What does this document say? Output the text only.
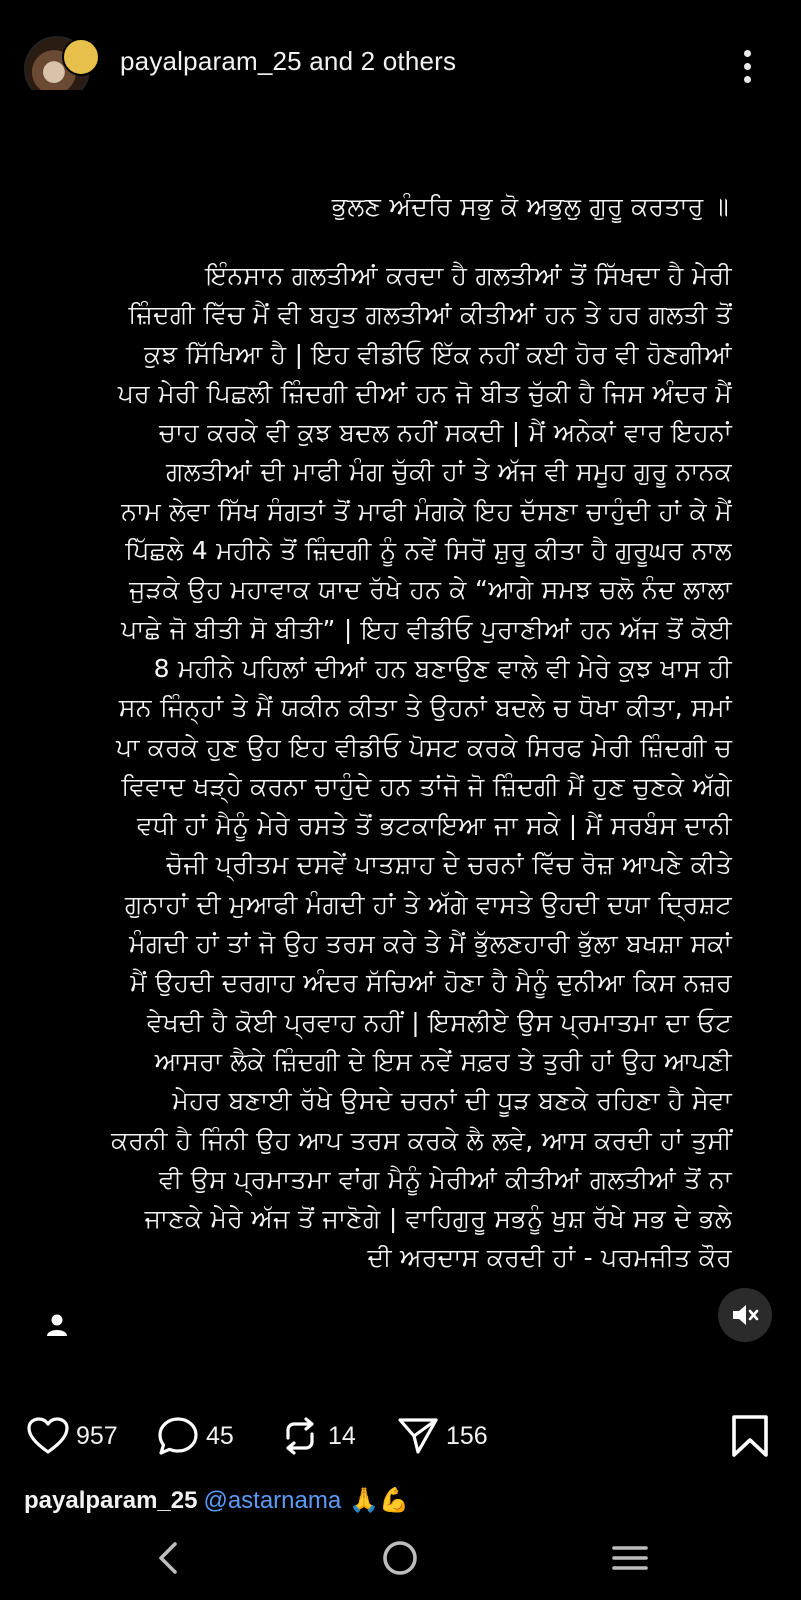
payalparam_25 and 2 others
ਭੁਲਣ ਅੰਦਰਿ ਸਭੁ ਕੋ ਅਭੁਲੁ ਗੁਰੂ ਕਰਤਾਰੁ ॥
ਇੰਨਸਾਨ ਗਲਤੀਆਂ ਕਰਦਾ ਹੈ ਗਲਤੀਆਂ ਤੋਂ ਸਿੱਖਦਾ ਹੈ ਮੇਰੀ
ਜ਼ਿੰਦਗੀ ਵਿੱਚ ਮੈਂ ਵੀ ਬਹੁਤ ਗਲਤੀਆਂ ਕੀਤੀਆਂ ਹਨ ਤੇ ਹਰ ਗਲਤੀ ਤੋਂ
ਕੁਝ ਸਿੱਖਿਆ ਹੈ | ਇਹ ਵੀਡੀਓ ਇੱਕ ਨਹੀਂ ਕਈ ਹੋਰ ਵੀ ਹੋਣਗੀਆਂ
ਪਰ ਮੇਰੀ ਪਿਛਲੀ ਜ਼ਿੰਦਗੀ ਦੀਆਂ ਹਨ ਜੋ ਬੀਤ ਚੁੱਕੀ ਹੈ ਜਿਸ ਅੰਦਰ ਮੈਂ
ਚਾਹ ਕਰਕੇ ਵੀ ਕੁਝ ਬਦਲ ਨਹੀਂ ਸਕਦੀ | ਮੈਂ ਅਨੇਕਾਂ ਵਾਰ ਇਹਨਾਂ
ਗਲਤੀਆਂ ਦੀ ਮਾਫੀ ਮੰਗ ਚੁੱਕੀ ਹਾਂ ਤੇ ਅੱਜ ਵੀ ਸਮੂਹ ਗੁਰੂ ਨਾਨਕ
ਨਾਮ ਲੇਵਾ ਸਿੱਖ ਸੰਗਤਾਂ ਤੋਂ ਮਾਫੀ ਮੰਗਕੇ ਇਹ ਦੱਸਣਾ ਚਾਹੁੰਦੀ ਹਾਂ ਕੇ ਮੈਂ
ਪਿੱਛਲੇ 4 ਮਹੀਨੇ ਤੋਂ ਜ਼ਿੰਦਗੀ ਨੂੰ ਨਵੇਂ ਸਿਰੋਂ ਸ਼ੁਰੂ ਕੀਤਾ ਹੈ ਗੁਰੂਘਰ ਨਾਲ
ਜੁੜਕੇ ਉਹ ਮਹਾਵਾਕ ਯਾਦ ਰੱਖੇ ਹਨ ਕੇ “ਆਗੇ ਸਮਝ ਚਲੋ ਨੰਦ ਲਾਲਾ
ਪਾਛੇ ਜੋ ਬੀਤੀ ਸੋ ਬੀਤੀ” | ਇਹ ਵੀਡੀਓ ਪੁਰਾਣੀਆਂ ਹਨ ਅੱਜ ਤੋਂ ਕੋਈ
8 ਮਹੀਨੇ ਪਹਿਲਾਂ ਦੀਆਂ ਹਨ ਬਣਾਉਣ ਵਾਲੇ ਵੀ ਮੇਰੇ ਕੁਝ ਖਾਸ ਹੀ
ਸਨ ਜਿੰਨ੍ਹਾਂ ਤੇ ਮੈਂ ਯਕੀਨ ਕੀਤਾ ਤੇ ਉਹਨਾਂ ਬਦਲੇ ਚ ਧੋਖਾ ਕੀਤਾ, ਸਮਾਂ
ਪਾ ਕਰਕੇ ਹੁਣ ਉਹ ਇਹ ਵੀਡੀਓ ਪੋਸਟ ਕਰਕੇ ਸਿਰਫ ਮੇਰੀ ਜ਼ਿੰਦਗੀ ਚ
ਵਿਵਾਦ ਖੜ੍ਹੇ ਕਰਨਾ ਚਾਹੁੰਦੇ ਹਨ ਤਾਂਜੋ ਜੋ ਜ਼ਿੰਦਗੀ ਮੈਂ ਹੁਣ ਚੁਣਕੇ ਅੱਗੇ
ਵਧੀ ਹਾਂ ਮੈਨੂੰ ਮੇਰੇ ਰਸਤੇ ਤੋਂ ਭਟਕਾਇਆ ਜਾ ਸਕੇ | ਮੈਂ ਸਰਬੰਸ ਦਾਨੀ
ਚੋਜੀ ਪ੍ਰੀਤਮ ਦਸਵੇਂ ਪਾਤਸ਼ਾਹ ਦੇ ਚਰਨਾਂ ਵਿੱਚ ਰੋਜ਼ ਆਪਣੇ ਕੀਤੇ
ਗੁਨਾਹਾਂ ਦੀ ਮੁਆਫੀ ਮੰਗਦੀ ਹਾਂ ਤੇ ਅੱਗੇ ਵਾਸਤੇ ਉਹਦੀ ਦਯਾ ਦ੍ਰਿਸ਼ਟ
ਮੰਗਦੀ ਹਾਂ ਤਾਂ ਜੋ ਉਹ ਤਰਸ ਕਰੇ ਤੇ ਮੈਂ ਭੁੱਲਣਹਾਰੀ ਭੁੱਲਾ ਬਖਸ਼ਾ ਸਕਾਂ
ਮੈਂ ਉਹਦੀ ਦਰਗਾਹ ਅੰਦਰ ਸੱਚਿਆਂ ਹੋਣਾ ਹੈ ਮੈਨੂੰ ਦੁਨੀਆ ਕਿਸ ਨਜ਼ਰ
ਵੇਖਦੀ ਹੈ ਕੋਈ ਪ੍ਰਵਾਹ ਨਹੀਂ | ਇਸਲੀਏ ਉਸ ਪ੍ਰਮਾਤਮਾ ਦਾ ਓਟ
ਆਸਰਾ ਲੈਕੇ ਜ਼ਿੰਦਗੀ ਦੇ ਇਸ ਨਵੇਂ ਸਫ਼ਰ ਤੇ ਤੁਰੀ ਹਾਂ ਉਹ ਆਪਣੀ
ਮੇਹਰ ਬਣਾਈ ਰੱਖੇ ਉਸਦੇ ਚਰਨਾਂ ਦੀ ਧੂੜ ਬਣਕੇ ਰਹਿਣਾ ਹੈ ਸੇਵਾ
ਕਰਨੀ ਹੈ ਜਿੰਨੀ ਉਹ ਆਪ ਤਰਸ ਕਰਕੇ ਲੈ ਲਵੇ, ਆਸ ਕਰਦੀ ਹਾਂ ਤੁਸੀਂ
ਵੀ ਉਸ ਪ੍ਰਮਾਤਮਾ ਵਾਂਗ ਮੈਨੂੰ ਮੇਰੀਆਂ ਕੀਤੀਆਂ ਗਲਤੀਆਂ ਤੋਂ ਨਾ
ਜਾਣਕੇ ਮੇਰੇ ਅੱਜ ਤੋਂ ਜਾਣੋਗੇ | ਵਾਹਿਗੁਰੂ ਸਭਨੂੰ ਖੁਸ਼ ਰੱਖੇ ਸਭ ਦੇ ਭਲੇ
ਦੀ ਅਰਦਾਸ ਕਰਦੀ ਹਾਂ - ਪਰਮਜੀਤ ਕੌਰ
957	45	14	156
payalparam_25 @astarnama 🙏💪
